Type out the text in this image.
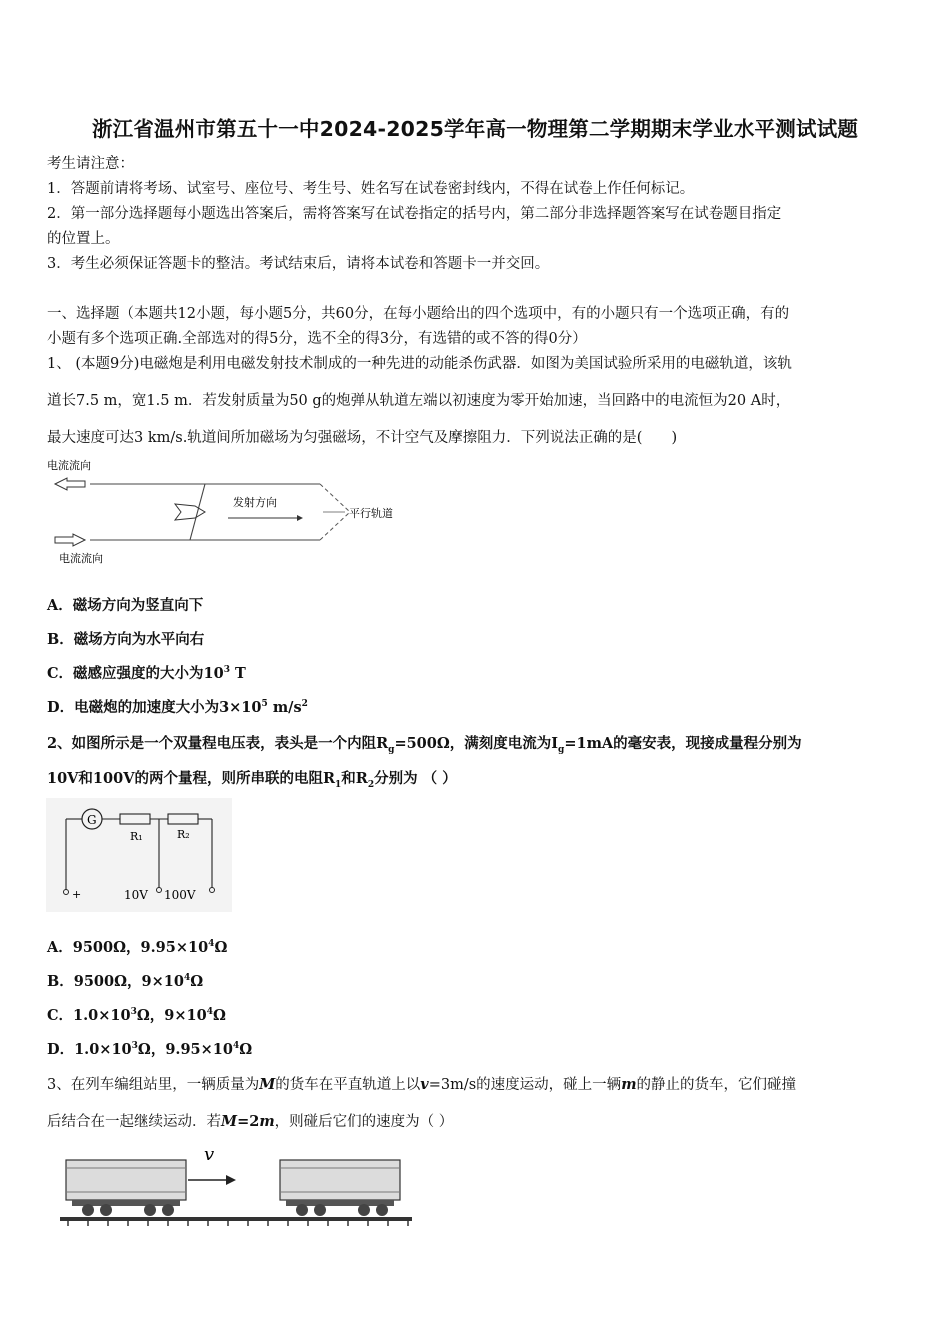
浙江省温州市第五十一中2024-2025学年高一物理第二学期期末学业水平测试试题
考生请注意：
1．答题前请将考场、试室号、座位号、考生号、姓名写在试卷密封线内，不得在试卷上作任何标记。
2．第一部分选择题每小题选出答案后，需将答案写在试卷指定的括号内，第二部分非选择题答案写在试卷题目指定
的位置上。
3．考生必须保证答题卡的整洁。考试结束后，请将本试卷和答题卡一并交回。
一、选择题（本题共12小题，每小题5分，共60分，在每小题给出的四个选项中，有的小题只有一个选项正确，有的
小题有多个选项正确.全部选对的得5分，选不全的得3分，有选错的或不答的得0分）
1、 (本题9分)电磁炮是利用电磁发射技术制成的一种先进的动能杀伤武器．如图为美国试验所采用的电磁轨道，该轨
道长7.5 m，宽1.5 m．若发射质量为50 g的炮弹从轨道左端以初速度为零开始加速，当回路中的电流恒为20 A时，
最大速度可达3 km/s.轨道间所加磁场为匀强磁场，不计空气及摩擦阻力．下列说法正确的是(　　)
电流流向
平行轨道
发射方向
电流流向
A．磁场方向为竖直向下
B．磁场方向为水平向右
C．磁感应强度的大小为$10^3$ T
D．电磁炮的加速度大小为$3\times 10^5$ $m/s^2$
2、如图所示是一个双量程电压表，表头是一个内阻$R_g=500\Omega$，满刻度电流为$I_g=1mA$的毫安表，现接成量程分别为
10V和100V的两个量程，则所串联的电阻$R_1$和$R_2$分别为 （ ）
G
R₁	R₂
+	10V 100V
A．9500Ω，$9.95\times 10^4\Omega$
B．9500Ω，$9\times 10^4\Omega$
C．$1.0\times 10^3\Omega$，$9\times 10^4\Omega$
D．$1.0\times 10^3\Omega$，$9.95\times 10^4\Omega$
3、在列车编组站里，一辆质量为M的货车在平直轨道上以v=3m/s的速度运动，碰上一辆m的静止的货车，它们碰撞
后结合在一起继续运动．若M=2m，则碰后它们的速度为（ ）
v
